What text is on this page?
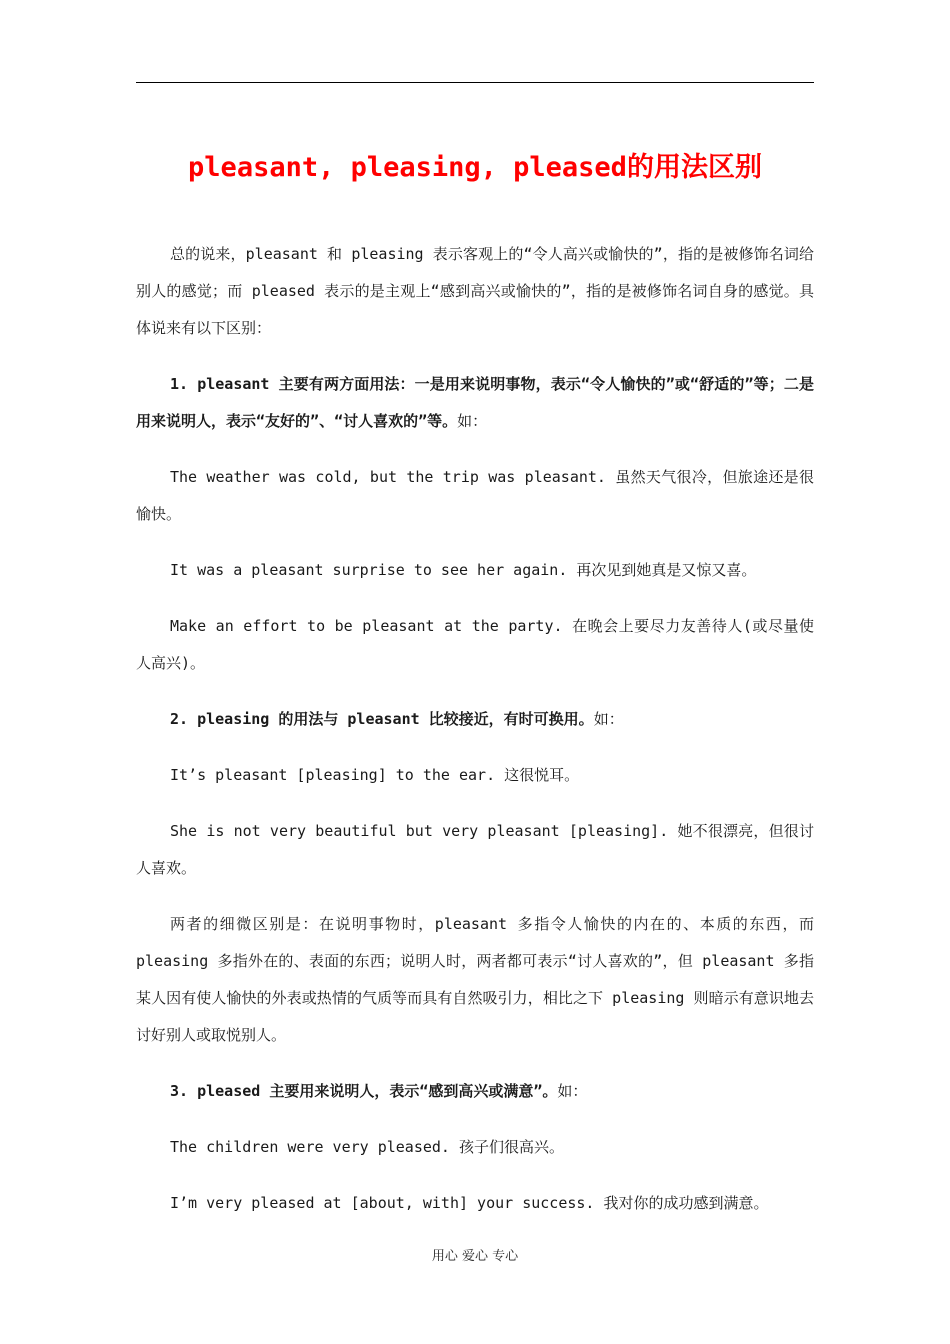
pleasant, pleasing, pleased的用法区别

总的说来，pleasant 和 pleasing 表示客观上的“令人高兴或愉快的”，指的是被修饰名词给别人的感觉；而 pleased 表示的是主观上“感到高兴或愉快的”，指的是被修饰名词自身的感觉。具体说来有以下区别：

1. pleasant 主要有两方面用法：一是用来说明事物，表示“令人愉快的”或“舒适的”等；二是用来说明人，表示“友好的”、“讨人喜欢的”等。如：

The weather was cold, but the trip was pleasant. 虽然天气很冷，但旅途还是很愉快。

It was a pleasant surprise to see her again. 再次见到她真是又惊又喜。

Make an effort to be pleasant at the party. 在晚会上要尽力友善待人(或尽量使人高兴)。

2. pleasing 的用法与 pleasant 比较接近，有时可换用。如：

It’s pleasant [pleasing] to the ear. 这很悦耳。

She is not very beautiful but very pleasant [pleasing]. 她不很漂亮，但很讨人喜欢。

两者的细微区别是：在说明事物时，pleasant 多指令人愉快的内在的、本质的东西，而 pleasing 多指外在的、表面的东西；说明人时，两者都可表示“讨人喜欢的”，但 pleasant 多指某人因有使人愉快的外表或热情的气质等而具有自然吸引力，相比之下 pleasing 则暗示有意识地去讨好别人或取悦别人。

3. pleased 主要用来说明人，表示“感到高兴或满意”。如：

The children were very pleased. 孩子们很高兴。

I’m very pleased at [about, with] your success. 我对你的成功感到满意。

用心 爱心 专心
